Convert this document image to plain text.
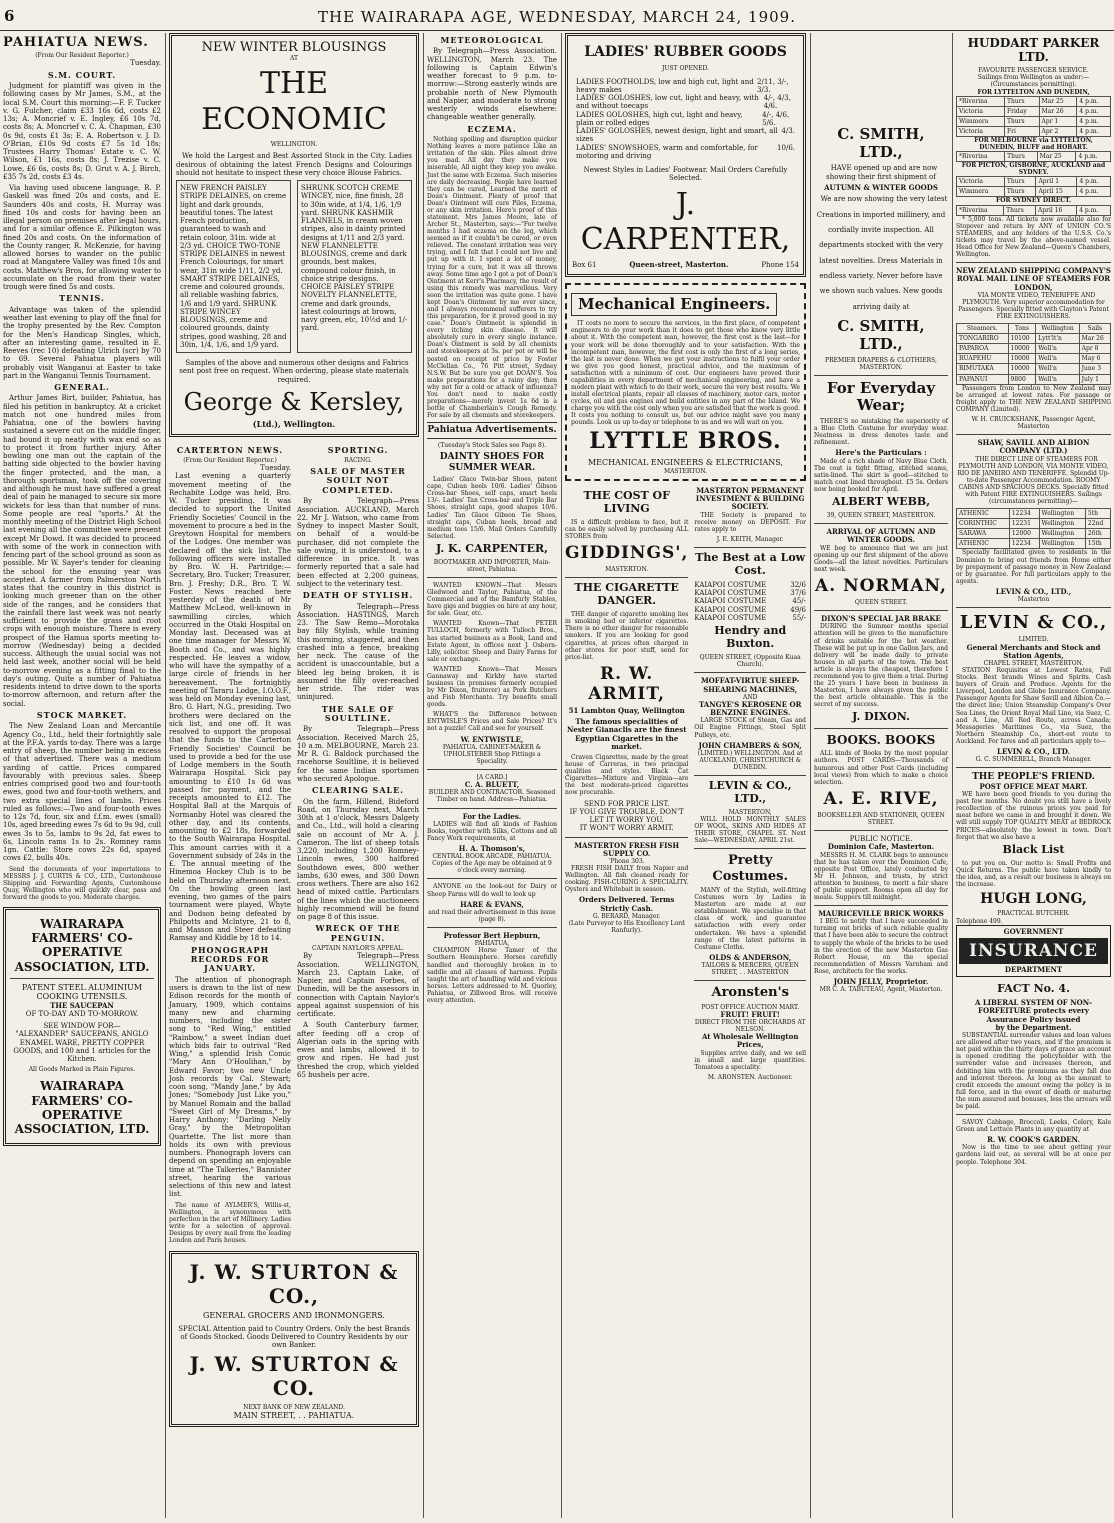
6	THE WAIRARAPA AGE, WEDNESDAY, MARCH 24, 1909.
PAHIATUA NEWS.
(From Our Resident Reporter.)
Tuesday.
S.M. COURT.

Judgment for plaintiff was given in the following cases by Mr James, S.M., at the local S.M. Court this morning:—F. F. Tucker v. G. Fulcher, claim £33 16s 6d, costs £2 13s; A. Moncrief v. E. Ingley, £6 10s 7d, costs 8s; A. Moncrief v. C. A. Chapman, £30 0s 9d, costs £1 3s; E. A. Robertson v. J. D. O'Brian, £10s 9d costs £7 5s 1d 18s; Trustees Harry Thomas' Estate v. C. W. Wilson, £1 16s, costs 8s; J. Trezise v. C. Lowe, £6 6s, costs 8s; D. Grut v. A. J. Birch, £35 7s 2d, costs £3 4s.

Via having used obscene language, R. P. Gaskell was fined 20s and costs, and E. Saunders 40s and costs, H. Murray was fined 10s and costs for having been an illegal person on premises after legal hours, and for a similar offence E. Pilkington was fined 20s and costs. On the information of the County ranger, R. McKenzie, for having allowed horses to wander on the public road at Mangatere Valley was fined 10s and costs. Matthew's Bros, for allowing water to accumulate on the road from their water trough were fined 5s and costs.

TENNIS.

Advantage was taken of the splendid weather last evening to play off the final for the trophy presented by the Rev. Compton for the Men's Handicap Singles, which, after an interesting game, resulted in E. Reeves (rec 10) defeating Ulrich (scr) by 70 to 69. Several Pahiatua players will probably visit Wanganui at Easter to take part in the Wanganui Tennis Tournament.

GENERAL.

Arthur James Birt, builder, Pahiatua, has filed his petition in bankruptcy. At a cricket match not one hundred miles from Pahiatua, one of the bowlers having sustained a severe cut on the middle finger, had bound it up neatly with wax end so as to protect it from further injury. After bowling one man out the captain of the batting side objected to the bowler having the finger protected, and the man, a thorough sportsman, took off the covering and although he must have suffered a great deal of pain he managed to secure six more wickets for less than that number of runs. Some people are real "sports." At the monthly meeting of the District High School last evening all the committee were present except Mr Dowd. It was decided to proceed with some of the work in connection with fencing part of the school ground as soon as possible. Mr W. Sayer's tender for cleaning the school for the ensuing year was accepted. A farmer from Palmerston North states that the country in this district is looking much greener than on the other side of the ranges, and he considers that the rainfall there last week was not nearly sufficient to provide the grass and root crops with enough moisture. There is every prospect of the Hamua sports meeting to-morrow (Wednesday) being a decided success. Although the usual social was not held last week, another social will be held to-morrow evening as a fitting final to the day's outing. Quite a number of Pahiatua residents intend to drive down to the sports to-morrow afternoon, and return after the social.

STOCK MARKET.

The New Zealand Loan and Mercantile Agency Co., Ltd., held their fortnightly sale at the P.F.A. yards to-day. There was a large entry of sheep, the number being in excess of that advertised. There was a medium yarding of cattle. Prices compared favourably with previous sales. Sheep entries comprised good two and four-tooth ewes, good two and four-tooth wethers, and two extra special lines of lambs. Prices ruled as follows:—Two and four-tooth ewes to 12s 7d, four, six and f.f.m. ewes (small) 10s, aged breeding ewes 7s 6d to 9s 9d, cull ewes 3s to 5s, lambs to 9s 2d, fat ewes to 6s, Lincoln rams 1s to 2s. Romney rams 1gn. Cattle: Store cows 22s 6d, spayed cows £2, bulls 40s.

Send the documents of your importations to MESSRS J. J. CURTIS & CO., LTD., Customhouse Shipping and Forwarding Agents, Customhouse Quay, Wellington who will quickly clear, pass and forward the goods to you. Moderate charges.

WAIRARAPA FARMERS' CO-OPERATIVE ASSOCIATION, LTD.
PATENT STEEL ALUMINIUM COOKING UTENSILS.
THE SAUCEPAN
OF TO-DAY AND TO-MORROW.
SEE WINDOW FOR—
"ALEXANDER" SAUCEPANS, ANGLO ENAMEL WARE, PRETTY COPPER GOODS, and 100 and 1 articles for the Kitchen.
All Goods Marked in Plain Figures.
WAIRARAPA FARMERS' CO-OPERATIVE ASSOCIATION, LTD.
NEW WINTER BLOUSINGS
AT
THE ECONOMIC
WELLINGTON.

We hold the Largest and Best Assorted Stock in the City. Ladies desirous of obtaining the latest French Designs and Colourings should not hesitate to inspect these very choice Blouse Fabrics.

NEW FRENCH PAISLEY STRIPE DELAINES, on creme light and dark grounds, beautiful tones. The latest French production, guaranteed to wash and retain colour, 31in. wide at 2/3 yd. CHOICE TWO-TONE STRIPE DELAINES in newest French Colourings, for smart wear, 31in wide 1/11, 2/2 yd. SMART STRIPE DELAINES, creme and coloured grounds, all reliable washing fabrics, 1/6 and 1/9 yard. SHRUNK STRIPE WINCEY BLOUSINGS, creme and coloured grounds, dainty stripes, good washing, 28 and 30in, 1/4, 1/6, and 1/9 yard.
SHRUNK SCOTCH CREME WINCEY, nice, fine finish, 28 to 30in wide, at 1/4, 1/6, 1/9 yard. SHRUNK KASHMIR FLANNELS, in cream woven stripes, also in dainty printed designs at 1/11 and 2/3 yard. NEW FLANNELETTE BLOUSINGS, creme and dark grounds, best makes, compound colour finish, in choice stripe designs. CHOICE PAISLEY STRIPE NOVELTY FLANNELETTE, creme and dark grounds, latest colourings at brown, navy green, etc, 10½d and 1/- yard.

Samples of the above and numerous other designs and Fabrics sent post free on request. When ordering, please state materials required.

George & Kersley,
(Ltd.), Wellington.
CARTERTON NEWS.
(From Our Resident Reporter.)
Tuesday.

Last evening a quarterly movement meeting of the Rechabite Lodge was held, Bro. W. Tucker presiding. It was decided to support the United Friendly Societies' Council in the movement to procure a bed in the Greytown Hospital for members of the Lodges. One member was declared off the sick list. The following officers were installed by Bro. W. H. Partridge:—Secretary, Bro. Tucker; Treasurer, Bro. J. Freshy; D.R., Bro. T. W. Foster. News reached here yesterday of the death of Mr Matthew McLeod, well-known in sawmilling circles, which occurred in the Otaki Hospital on Monday last. Deceased was at one time manager for Messrs W. Booth and Co., and was highly respected. He leaves a widow, who will have the sympathy of a large circle of friends in her bereavement. The fortnightly meeting of Tararu Lodge, I.O.O.F., was held on Monday evening last, Bro. G. Hart, N.G., presiding. Two brothers were declared on the sick list, and one off. It was resolved to support the proposal that the funds to the Carterton Friendly Societies' Council be used to provide a bed for the use of Lodge members in the South Wairarapa Hospital. Sick pay amounting to £10 1s 6d was passed for payment, and the receipts amounted to £12. The Hospital Ball at the Marquis of Normanby Hotel was cleared the other day, and its contents, amounting to £2 18s, forwarded to the South Wairarapa Hospital. This amount carries with it a Government subsidy of 24s in the £. The annual meeting of the Hinemoa Hockey Club is to be held on Thursday afternoon next. On the bowling green last evening, two games of the pairs tournament were played, Whyte and Dodson being defeated by Philpotts and Mclntyre, 21 to 8, and Masson and Steer defeating Ramsay and Kiddle by 18 to 14.

PHONOGRAPH RECORDS FOR JANUARY.

The attention of phonograph users is drawn to the list of new Edison records for the month of January, 1909, which contains many new and charming numbers, including the sister song to "Red Wing," entitled "Rainbow," a sweet Indian duet which bids fair to outrival "Red Wing," a splendid Irish Comic "Mary Ann O'Houlihan," by Edward Favor; two new Uncle Josh records by Cal. Stewart; coon song, "Mandy Jane," by Ada Jones; "Somebody Just Like you," by Manuel Romain and the ballad "Sweet Girl of My Dreams," by Harry Anthony; "Darling Nelly Gray," by the Metropolitan Quartette. The list more than holds its own with previous numbers. Phonograph lovers can depend on spending an enjoyable time at "The Talkeries," Bannister street, hearing the various selections of this new and latest list.

The name of AYLMER'S, Willis-st, Wellington, is synonymous with perfection in the art of Millinery. Ladies write for a selection of approval. Designs by every mail from the leading London and Paris houses.

SPORTING.
RACING.
SALE OF MASTER SOULT NOT COMPLETED.

By Telegraph—Press Association. AUCKLAND, March 22. Mr J. Watson, who came from Sydney to inspect Master Soult, on behalf of a would-be purchaser, did not complete the sale owing, it is understood, to a difference in price. It was formerly reported that a sale had been effected at 2,200 guineas, subject to the veterinary test.

DEATH OF STYLISH.

By Telegraph—Press Association. HASTINGS, March 23. The Saw Remo—Morotaka bay filly Stylish, while training this morning, staggered, and then crashed into a fence, breaking her neck. The cause of the accident is unaccountable, but a bleed leg being broken, it is assumed the filly over-reached her stride. The rider was uninjured.

THE SALE OF SOULTLINE.

By Telegraph—Press Association. Received March 25, 10 a.m. MELBOURNE, March 23. Mr R. G. Baldock purchased the racehorse Soultline, it is believed for the same Indian sportsmen who secured Apologue.

CLEARING SALE.

On the farm, Hillend, Bideford Road, on Thursday next, March 30th at 1 o'clock, Messrs Dalgety and Co., Ltd., will hold a clearing sale on account of Mr A. J. Cameron. The list of sheep totals 3,220, including 1,200 Romney-Lincoln ewes, 300 halfbred Southdown ewes, 800 wether lambs, 630 ewes, and 300 Down cross wethers. There are also 162 head of mixed cattle. Particulars of the lines which the auctioneers highly recommend will be found on page 8 of this issue.

WRECK OF THE PENGUIN.
CAPTAIN NAYLOR'S APPEAL.

By Telegraph—Press Association. WELLINGTON, March 23. Captain Lake, of Napier, and Captain Forbes, of Dunedin, will be the assessors in connection with Captain Naylor's appeal against suspension of his certificate.

A South Canterbury farmer, after feeding off a crop of Algerian oats in the spring with ewes and lambs, allowed it to grow and ripen. He had just threshed the crop, which yielded 65 bushels per acre.

J. W. STURTON & CO.,
GENERAL GROCERS AND IRONMONGERS.
SPECIAL Attention paid to Country Orders. Only the best Brands of Goods Stocked. Goods Delivered to Country Residents by our own Banker.
J. W. STURTON & CO.
NEXT BANK OF NEW ZEALAND.
MAIN STREET, . . PAHIATUA.
METEOROLOGICAL

By Telegraph—Press Association. WELLINGTON, March 23. The following is Captain Edwin's weather forecast to 9 p.m. to-morrow:—Strong easterly winds are probable north of New Plymouth and Napier, and moderate to strong westerly winds elsewhere: changeable weather generally.

ECZEMA.

Nothing spoiling and disruption quicker Nothing leaves a more patience Like an irritation of the skin. Piles almost drive you mad. All day they make you miserable, All night they keep you awake. Just the same with Eczema. Such miseries are daily decreasing. People have learned they can be cured, Learned the merit of Doan's Ointment. Plenty of proof that Doan's Ointment will cure Piles, Eczema, or any skin irritation. Here's proof of this statement. Mrs James Moore, late of Archer St., Masterton, says:—"For twelve months I had eczema on the leg, which seemed as if it couldn't be cured, or even relieved. The constant irritation was very trying, and I felt that I could not live and put up with it. I spent a lot of money, trying for a cure, but it was all thrown away. Some time ago I got a pot of Doan's Ointment at Kerr's Pharmacy, the result of using this remedy was marvellous. Very soon the irritation was quite gone. I have kept Doan's Ointment by me ever since, and I always recommend sufferers to try this preparation, for it proved good in my case." Doan's Ointment is splendid in every itching skin disease. It will absolutely cure in every single instance. Doan's Ointment is sold by all chemists and storekeepers at 3s. per pot or will be posted on receipt of price by Foster McClellan Co., 76 Pitt street, Sydney N.S.W. But be sure you get DOAN'S. You make preparations for a rainy day; then why not for a cold or attack of influenza? You don't need to make costly preparations—merely invest 1s 6d in a bottle of Chamberlain's Cough Remedy. For sale by all chemists and storekeepers.

Pahiatua Advertisements.
(Tuesday's Stock Sales see Page 8).
DAINTY SHOES FOR SUMMER WEAR.

Ladies' Glace Twin-bar Shoes, patent cape, Cuban heels 10/6. Ladies' Gibson Cross-bar Shoes, self caps, smart heels 13/-. Ladies' Tan Cross-bar and Triple Bar Shoes, straight caps, good shapes 10/6. Ladies' Tan Glace Gibson Tie Shoes, straight caps, Cuban heels, broad and medium toes 15/6. Mail Orders Carefully Selected.

J. K. CARPENTER,
BOOTMAKER AND IMPORTER, Main-street, Pahiatua.

WANTED KNOWN—That Messrs Gledwood and Taylor, Pahiatua, of the Commercial and of the Bamfurly Stables, have gigs and buggies on hire at any hour, for sale. Gear, etc.

WANTED Known—That PETER TULLOCH, formerly with Tulloch Bros., has started business as a Book, Land and Estate Agent, in offices next J. Osborn-Lilly, solicitor. Sheep and Dairy Farms for sale or exchange.

WANTED Known—That Messrs Gannaway and Kirkby have started business (in premises formerly occupied by Mr Dixon, fruiterer) as Pork Butchers and Fish Merchants. Try benefits small goods.

WHAT'S the Difference between ENTWISLE'S Prices and Sale Prices? It's not a puzzle! Call and see for yourself.

W. ENTWISTLE,
PAHIATUA. CABINET-MAKER & UPHOLSTERER Shop Fittings a Speciality.
[A CARD.]
C. A. BLUETT,
BUILDER AND CONTRACTOR. Seasoned Timber on hand. Address—Pahiatua.
For the Ladies.

LADIES will find all kinds of Fashion Books, together with Silks, Cottons and all Fancy Work requirements, at

H. A. Thomson's,
CENTRAL BOOK ARCADE, PAHIATUA. Copies of the Age may be obtained at 9 o'clock every morning.

ANYONE on the look-out for Dairy or Sheep Farms will do well to look up

HARE & EVANS,
and read their advertisement in this issue (page 8).
Professor Bert Hepburn,
PAHIATUA,

CHAMPION Horse Tamer of the Southern Hemisphere. Horses carefully handled and thoroughly broken in to saddle and all classes of harness. Pupils taught the art of handling wild and vicious horses. Letters addressed to M. Quorley, Pahiatua, or Zillwood Bros. will receive every attention.

LADIES' RUBBER GOODS
JUST OPENED.
LADIES FOOTHOLDS, low and high cut, light and heavy makes
2/11, 3/-, 3/3.
LADIES' GOLOSHES, low cut, light and heavy, with and without toecaps
4/-, 4/3, 4/6.
LADIES GOLOSHES, high cut, light and heavy, plain or rolled edges
4/-, 4/6, 5/6.
LADIES' GOLOSHES, newest design, light and smart, all sizes
4/3.
LADIES' SNOWSHOES, warm and comfortable, for motoring and driving
10/6.
Newest Styles in Ladies' Footwear. Mail Orders Carefully Selected.
J. CARPENTER,
Box 61	Queen-street, Masterton.	Phone 154
Mechanical Engineers.

IT costs no more to secure the services, in the first place, of competent engineers to do your work than it does to get those who know very little about it. With the competent man, however, the first cost is the last—for your work will be done thoroughly and to your satisfaction. With the incompetent man, however, the first cost is only the first of a long series, the last is never done. When we get your instructions to fulfil your order we give you good honest, practical advice, and the maximum of satisfaction with a minimum of cost. Our engineers have proved their capabilities in every department of mechanical engineering, and have a modern plant with which to do their work, secure the very best results. We install electrical plants, repair all classes of machinery, motor cars, motor cycles, oil and gas engines and build entities in any part of the Island. We charge you with the cost only when you are satisfied that the work is good. It costs you nothing to consult us, but our advice might save you many pounds. Look us up to-day or telephone to us and we will wait on you.

LYTTLE BROS.
MECHANICAL ENGINEERS & ELECTRICIANS,
MASTERTON.
THE COST OF LIVING

IS a difficult problem to face, but it can be easily solved by purchasing ALL STORES from

GIDDINGS',
MASTERTON.
THE CIGARETTE DANGER.

THE danger of cigarette smoking lies in smoking bad or inferior cigarettes. There is no other danger for reasonable smokers. If you are looking for good cigarettes, at prices often charged in other stores for poor stuff, send for price-list.

R. W. ARMIT,
51 Lambton Quay, Wellington
The famous specialities of Nester Gianaclis are the finest Egyptian Cigarettes in the market.

Craven Cigarettes, made by the great house of Carreras, in two principal qualities and styles. Black Cat Cigarettes—Mixture and Virginia—are the best moderate-priced cigarettes now procurable.

SEND FOR PRICE LIST.
IF YOU GIVE TROUBLE, DON'T LET IT WORRY YOU.
IT WON'T WORRY ARMIT.
MASTERTON FRESH FISH SUPPLY CO.
'Phone 303.

FRESH FISH DAILY from Napier and Wellington. All fish cleaned ready for cooking. FISH-CURING A SPECIALITY. Oysters and Whitebait in season.

Orders Delivered. Terms Strictly Cash.
G. BERARD, Manager.
(Late Purveyor to His Excellency Lord Ranfurly).
MASTERTON PERMANENT INVESTMENT & BUILDING SOCIETY.

THE Society is prepared to receive money on DEPOSIT. For rates apply to

J. E. KEITH, Manager.
The Best at a Low Cost.
KAIAPOI COSTUME	32/6
KAIAPOI COSTUME	37/6
KAIAPOI COSTUME	45/-
KAIAPOI COSTUME	49/6
KAIAPOI COSTUME	55/-
Hendry and Buxton.
QUEEN STREET, (Opposite Kuaa Church).
MOFFAT-VIRTUE SHEEP-SHEARING MACHINES,
AND
TANGYE'S KEROSENE OR BENZINE ENGINES.

LARGE STOCK of Steam, Gas and Oil Engine Fittings, Steel Split Pulleys, etc.

JOHN CHAMBERS & SON,
(LIMITED.) WELLINGTON. And at AUCKLAND, CHRISTCHURCH & DUNEDIN.
LEVIN & CO., LTD.,
MASTERTON,

WILL HOLD MONTHLY SALES OF WOOL, SKINS AND HIDES AT THEIR STORE, CHAPEL ST. Next Sale—WEDNESDAY, APRIL 21st.

Pretty Costumes.

MANY of the Stylish, well-fitting Costumes worn by Ladies in Masterton are made at our establishment. We specialise in that class of work, and guarantee satisfaction with every order undertaken. We have a splendid range of the latest patterns in Costume Cloths.

OLDS & ANDERSON,
TAILORS & MERCERS, QUEEN STREET, . . MASTERTON
Aronsten's
POST OFFICE AUCTION MART.
FRUIT! FRUIT!
DIRECT FROM THE ORCHARDS AT NELSON.
At Wholesale Wellington Prices,

Supplies arrive daily, and we sell in small and large quantities. Tomatoes a speciality.

M. ARONSTEN. Auctioneer.
C. SMITH, LTD.,

HAVE opened up and are now showing their first shipment of

AUTUMN & WINTER GOODS

We are now showing the very latest Creations in imported millinery, and cordially invite inspection. All departments stocked with the very latest novelties. Dress Materials in endless variety. Never before have we shown such values. New goods arriving daily at

C. SMITH, LTD.,
PREMIER DRAPERS & CLOTHIERS, MASTERTON.
For Everyday Wear;

THERE'S no mistaking the superiority of a Blue Cloth Costume for everyday wear. Neatness in dress denotes taste and refinement.

Here's the Particulars :

Made of a rich shade of Navy Blue Cloth. The coat is tight fitting, stitched seams, satin-lined. The skirt is good—stitched to match coat lined throughout. £5 5s. Orders now being booked for April.

ALBERT WEBB,
39, QUEEN STREET, MASTERTON.
ARRIVAL OF AUTUMN AND WINTER GOODS.

WE beg to announce that we are just opening up our first shipment of the above Goods—all the latest novelties. Particulars next week.

A. NORMAN,
QUEEN STREET.
DIXON'S SPECIAL JAR BRAKE

DURING the Summer months special attention will be given to the manufacture of drinks suitable for the hot weather. These will be put up in one Gallon Jars, and delivery will be made daily to private houses in all parts of the town. The best article is always the cheapest, therefore I recommend you to give them a trial. During the 25 years I have been in business in Masterton, I have always given the public the best article obtainable. This is the secret of my success.

J. DIXON.
BOOKS. BOOKS

ALL kinds of Books by the most popular authors. POST CARDS—Thousands of humorous and other Post Cards (including local views) from which to make a choice selection.

A. E. RIVE,
BOOKSELLER AND STATIONER, QUEEN STREET.
PUBLIC NOTICE.
Dominion Cafe, Masterton.

MESSRS H. M. CLARK begs to announce that he has taken over the Dominion Cafe, opposite Post Office, lately conducted by Mr H. Johnson, and trusts, by strict attention to business, to merit a fair share of public support. Rooms open all day for meals. Suppers till midnight.

MAURICEVILLE BRICK WORKS

I BEG to notify that I have succeeded in turning out bricks of such reliable quality that I have been able to secure the contract to supply the whole of the bricks to be used in the erection of the new Masterton Gas Robert House, on the special recommendation of Messrs Varnham and Rose, architects for the works.

JOHN JELLY, Proprietor.
MR C. A. TABUTEAU, Agent, Masterton.
HUDDART PARKER LTD.
FAVOURITE PASSENGER SERVICE.
Sailings from Wellington as under:—(Circumstances permitting).
FOR LYTTELTON AND DUNEDIN,
*Riverina	Thurs	Mar 25	4 p.m.
Victoria	Friday	Mar 26	4 p.m.
Wimmera	Thurs	Apr 1	4 p.m.
Victoria	Fri	Apr 2	4 p.m.
FOR MELBOURNE via LYTTELTON, DUNEDIN, BLUFF and HOBART.
*Riverina	Thurs	Mar 25	4 p.m.
FOR PICTON, GISBORNE, AUCKLAND and SYDNEY.
Victoria	Thurs	April 1	4 p.m.
Wimmera	Thurs	April 15	4 p.m.
FOR SYDNEY DIRECT.
*Riverina	Thurs	April 16	4 p.m.

* 5,000 tons. All tickets now available also for Stopover and return by ANY of UNION CO.'S STEAMERS, and any holders of the U.S.S. Co.'s tickets may travel by the above-named vessel. Head Office for New Zealand—Queen's Chambers, Wellington.

NEW ZEALAND SHIPPING COMPANY'S ROYAL MAIL LINE OF STEAMERS FOR LONDON,

VIA MONTE VIDEO, TENERIFFE AND PLYMOUTH. Very superior accommodation for Passengers. Specially fitted with Clayton's Patent FIRE EXTINGUISHERS.

Steamers.	Tons	Wellington	Sails
TONGARIRO	10100	Lytt'lt'n	Mar 26
PAPAROA	10000	Well'n	Apr 8
RUAPEHU	10000	Well'n	May 6
RIMUTAKA	10000	Well'n	June 3
PAPANUI	9800	Well'n	July 1

Passengers from London to New Zealand may be arranged at lowest rates. For passage or freight apply to THE NEW ZEALAND SHIPPING COMPANY (Limited).

W. H. CRUICKSHANK, Passenger Agent, Masterton
SHAW, SAVILL AND ALBION COMPANY (LTD.)

THE DIRECT LINE OF STEAMERS FOR PLYMOUTH AND LONDON, VIA MONTE VIDEO, RIO DE JANEIRO AND TENERIFFE. Splendid Up-to-date Passenger Accommodation. ROOMY CABINS AND SPACIOUS DECKS. Specially fitted with Patent FIRE EXTINGUISHERS. Sailings (circumstances permitting)—

ATHENIC	12234	Wellington	5th
CORINTHIC	12231	Wellington	22nd
SARAWA	12000	Wellington	26th
ATHENIC	12234	Wellington	15th

Specially facilitated given to residents in the Dominion to bring out friends from Home either by prepayment of passage money in New Zealand or by guarantee. For full particulars apply to the agents.

LEVIN & CO., LTD.,
Masterton
LEVIN & CO.,
LIMITED.
General Merchants and Stock and Station Agents,
CHAPEL STREET, MASTERTON.

STATION Requisites at Lowest Rates, Fall Stocks. Best brands Wines and Spirits. Cash buyers of Grain and Produce. Agents for the Liverpool, London and Globe Insurance Company. Passenger Agents for Shaw Savill and Albion Co.—the direct line; Union Steamship Company's Over Sea Lines, the Orient Royal Mail Line, via Suez, C. and A. Line, All Red Route, across Canada; Messageries Maritimes Co., via Suez, the Northern Steamship Co., short-est route to Auckland. For fares and all particulars apply to—

LEVIN & CO., LTD.
G. C. SUMMERELL, Branch Manager.
THE PEOPLE'S FRIEND.
POST OFFICE MEAT MART.

WE have been good friends to you during the past few months. No doubt you still have a lively recollection of the ruinous prices you paid for meat before we came in and brought it down. We will still supply TOP QUALITY MEAT at BEDROCK PRICES—absolutely the lowest in town. Don't forget that we also have a

Black List

to put you on. Our motto is: Small Profits and Quick Returns. The public have taken kindly to the idea, and, as a result our business is always on the increase.

HUGH LONG,
PRACTICAL BUTCHER.
Telephone 499.
GOVERNMENT
INSURANCE
DEPARTMENT
FACT No. 4.
A LIBERAL SYSTEM OF NON-FORFEITURE protects every
Assurance Policy issued
by the Department.

SUBSTANTIAL surrender values and loan values are allowed after two years, and if the premium is not paid within the thirty days of grace an account is opened crediting the policyholder with the surrender value and increases thereon, and debiting him with the premiums as they fall due and interest thereon. As long as the amount to credit exceeds the amount owing the policy is in full force, and in the event of death or maturing the sum assured and bonuses, less the arrears will be paid.

SAVOY Cabbage, Broccoli, Leeks, Celery, Kale Green and Lettuce Plants in any quantity at

R. W. COOK'S GARDEN.

Now is the time to see about getting your gardens laid out, as several will be at once per people. Telephone 304.
